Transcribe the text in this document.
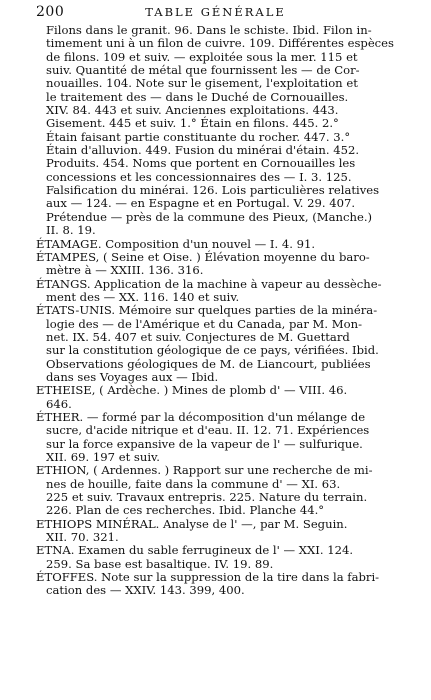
200	TABLE GÉNÉRALE
Filons dans le granit. 96. Dans le schiste. Ibid. Filon in-
timement uni à un filon de cuivre. 109. Différentes espèces
de filons. 109 et suiv. — exploitée sous la mer. 115 et
suiv. Quantité de métal que fournissent les — de Cor-
nouailles. 104. Note sur le gisement, l'exploitation et
le traitement des — dans le Duché de Cornouailles.
XIV. 84. 443 et suiv. Anciennes exploitations. 443.
Gisement. 445 et suiv. 1.° Étain en filons. 445. 2.°
Étain faisant partie constituante du rocher. 447. 3.°
Étain d'alluvion. 449. Fusion du minérai d'étain. 452.
Produits. 454. Noms que portent en Cornouailles les
concessions et les concessionnaires des — I. 3. 125.
Falsification du minérai. 126. Lois particulières relatives
aux — 124. — en Espagne et en Portugal. V. 29. 407.
Prétendue — près de la commune des Pieux, (Manche.)
II. 8. 19.
ÉTAMAGE. Composition d'un nouvel — I. 4. 91.
ÉTAMPES, ( Seine et Oise. ) Élévation moyenne du baro-
mètre à — XXIII. 136. 316.
ÉTANGS. Application de la machine à vapeur au dessèche-
ment des — XX. 116. 140 et suiv.
ÉTATS-UNIS. Mémoire sur quelques parties de la minéra-
logie des — de l'Amérique et du Canada, par M. Mon-
net. IX. 54. 407 et suiv. Conjectures de M. Guettard
sur la constitution géologique de ce pays, vérifiées. Ibid.
Observations géologiques de M. de Liancourt, publiées
dans ses Voyages aux — Ibid.
ETHEISE, ( Ardèche. ) Mines de plomb d' — VIII. 46.
646.
ÉTHER. — formé par la décomposition d'un mélange de
sucre, d'acide nitrique et d'eau. II. 12. 71. Expériences
sur la force expansive de la vapeur de l' — sulfurique.
XII. 69. 197 et suiv.
ETHION, ( Ardennes. ) Rapport sur une recherche de mi-
nes de houille, faite dans la commune d' — XI. 63.
225 et suiv. Travaux entrepris. 225. Nature du terrain.
226. Plan de ces recherches. Ibid. Planche 44.°
ETHIOPS MINÉRAL. Analyse de l' —, par M. Seguin.
XII. 70. 321.
ETNA. Examen du sable ferrugineux de l' — XXI. 124.
259. Sa base est basaltique. IV. 19. 89.
ÉTOFFES. Note sur la suppression de la tire dans la fabri-
cation des — XXIV. 143. 399, 400.
